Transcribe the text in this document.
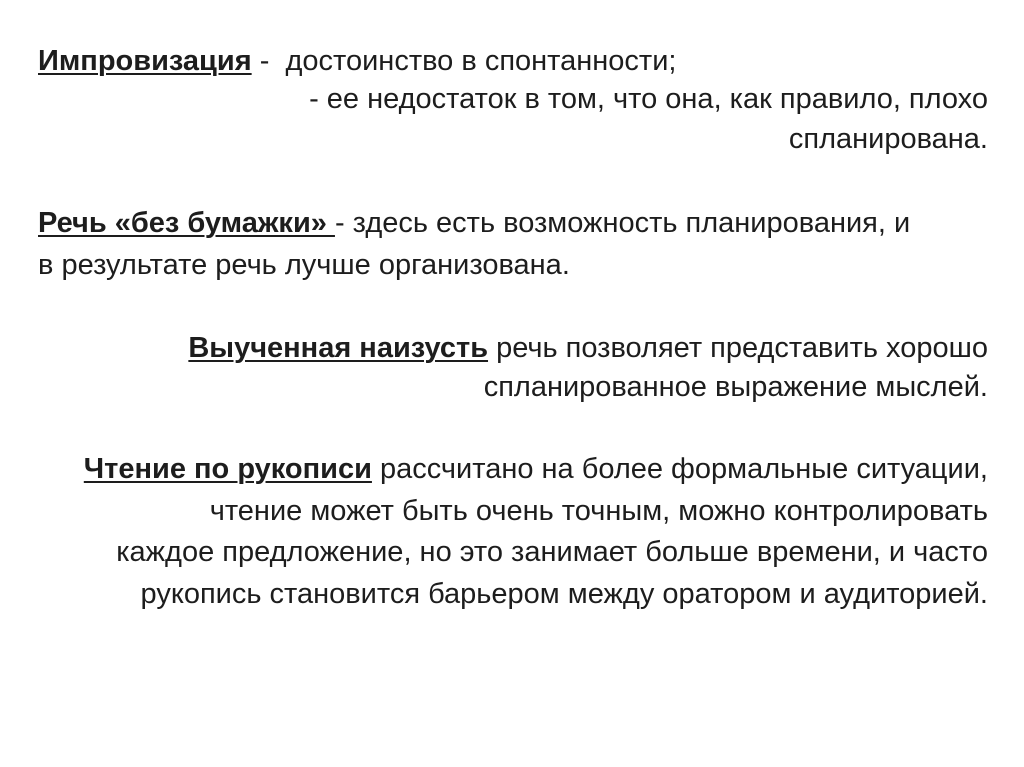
Импровизация -  достоинство в спонтанности;
- ее недостаток в том, что она, как правило, плохо
спланирована.
Речь «без бумажки» - здесь есть возможность планирования, и
в результате речь лучше организована.
Выученная наизусть речь позволяет представить хорошо
спланированное выражение мыслей.
Чтение по рукописи рассчитано на более формальные ситуации,
чтение может быть очень точным, можно контролировать
каждое предложение, но это занимает больше времени, и часто
рукопись становится барьером между оратором и аудиторией.
